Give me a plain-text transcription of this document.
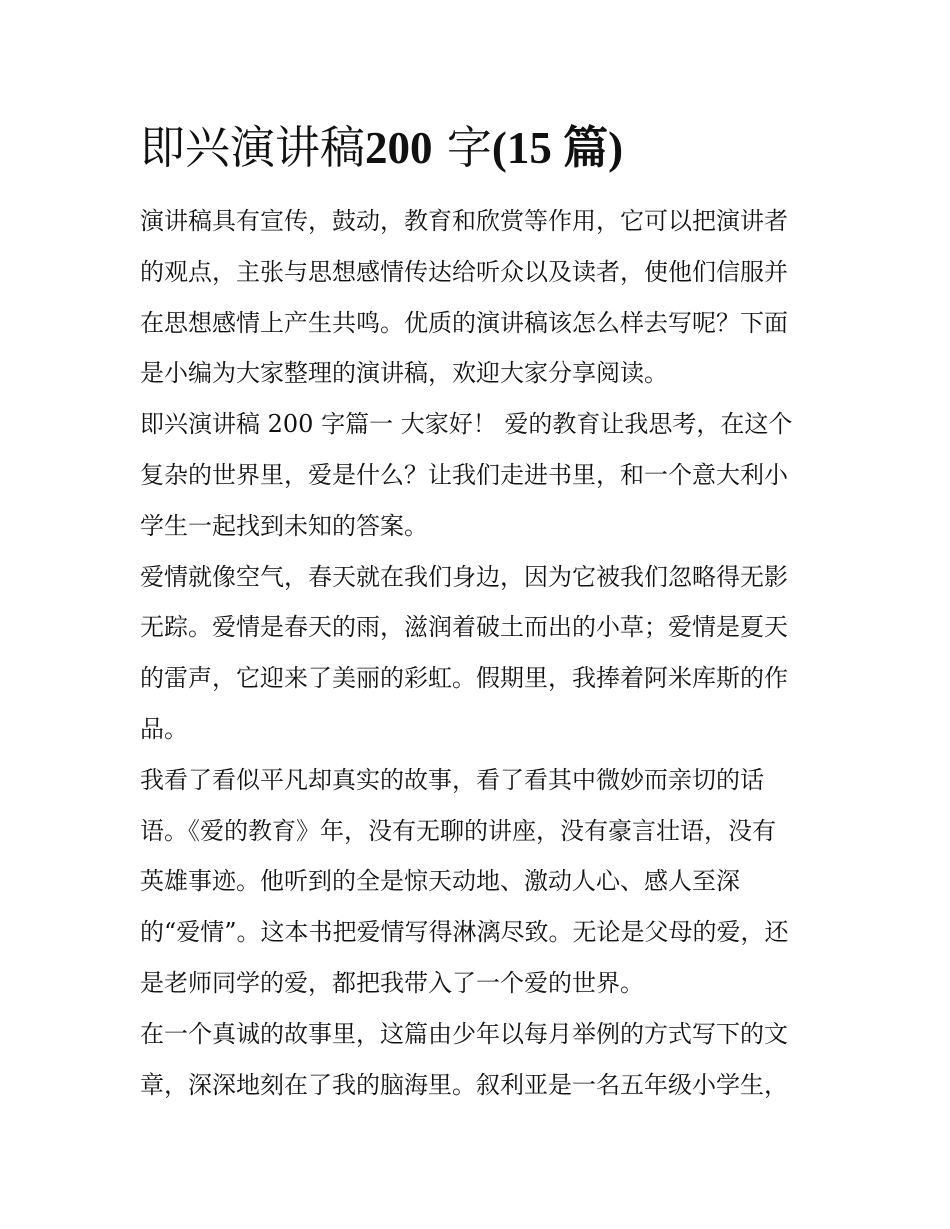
即兴演讲稿200 字(15 篇)

演讲稿具有宣传，鼓动，教育和欣赏等作用，它可以把演讲者
的观点，主张与思想感情传达给听众以及读者，使他们信服并
在思想感情上产生共鸣。优质的演讲稿该怎么样去写呢？下面
是小编为大家整理的演讲稿，欢迎大家分享阅读。

即兴演讲稿 200 字篇一 大家好！ 爱的教育让我思考，在这个
复杂的世界里，爱是什么？让我们走进书里，和一个意大利小
学生一起找到未知的答案。

爱情就像空气，春天就在我们身边，因为它被我们忽略得无影
无踪。爱情是春天的雨，滋润着破土而出的小草；爱情是夏天
的雷声，它迎来了美丽的彩虹。假期里，我捧着阿米库斯的作
品。

我看了看似平凡却真实的故事，看了看其中微妙而亲切的话
语。《爱的教育》年，没有无聊的讲座，没有豪言壮语，没有
英雄事迹。他听到的全是惊天动地、激动人心、感人至深
的“爱情”。这本书把爱情写得淋漓尽致。无论是父母的爱，还
是老师同学的爱，都把我带入了一个爱的世界。

在一个真诚的故事里，这篇由少年以每月举例的方式写下的文
章，深深地刻在了我的脑海里。叙利亚是一名五年级小学生，
